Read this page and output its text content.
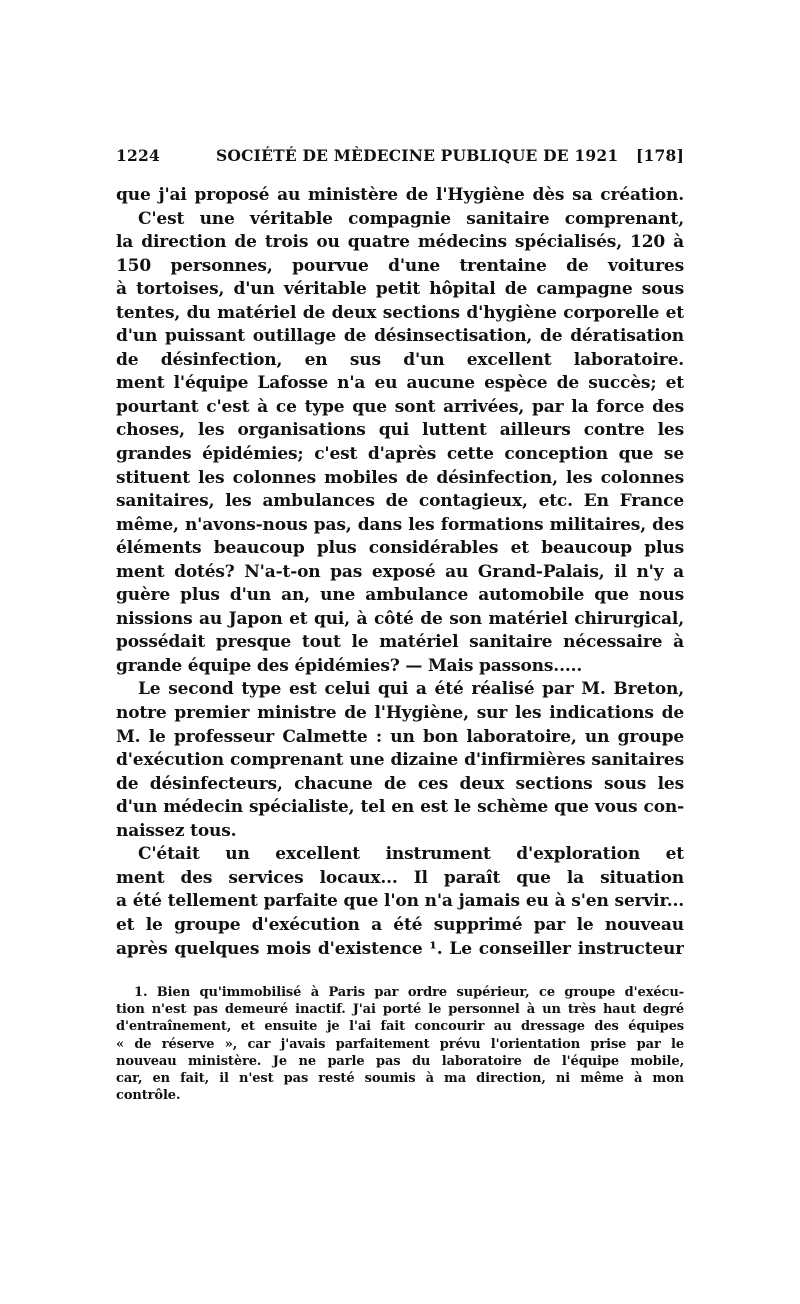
1224	SOCIÉTÉ DE MÈDECINE PUBLIQUE DE 1921 [178]
que j'ai proposé au ministère de l'Hygiène dès sa création.
C'est une véritable compagnie sanitaire comprenant,
la direction de trois ou quatre médecins spécialisés, 120 à
150 personnes, pourvue d'une trentaine de voitures
à tortoises, d'un véritable petit hôpital de campagne sous
tentes, du matériel de deux sections d'hygiène corporelle et
d'un puissant outillage de désinsectisation, de dératisation
de désinfection, en sus d'un excellent laboratoire.
ment l'équipe Lafosse n'a eu aucune espèce de succès; et
pourtant c'est à ce type que sont arrivées, par la force des
choses, les organisations qui luttent ailleurs contre les
grandes épidémies; c'est d'après cette conception que se
stituent les colonnes mobiles de désinfection, les colonnes
sanitaires, les ambulances de contagieux, etc. En France
même, n'avons-nous pas, dans les formations militaires, des
éléments beaucoup plus considérables et beaucoup plus
ment dotés? N'a-t-on pas exposé au Grand-Palais, il n'y a
guère plus d'un an, une ambulance automobile que nous
nissions au Japon et qui, à côté de son matériel chirurgical,
possédait presque tout le matériel sanitaire nécessaire à
grande équipe des épidémies? — Mais passons.....
Le second type est celui qui a été réalisé par M. Breton,
notre premier ministre de l'Hygiène, sur les indications de
M. le professeur Calmette : un bon laboratoire, un groupe
d'exécution comprenant une dizaine d'infirmières sanitaires
de désinfecteurs, chacune de ces deux sections sous les
d'un médecin spécialiste, tel en est le schème que vous con-
naissez tous.
C'était un excellent instrument d'exploration et
ment des services locaux... Il paraît que la situation
a été tellement parfaite que l'on n'a jamais eu à s'en servir...
et le groupe d'exécution a été supprimé par le nouveau
après quelques mois d'existence ¹. Le conseiller instructeur
1. Bien qu'immobilisé à Paris par ordre supérieur, ce groupe d'exécu-
tion n'est pas demeuré inactif. J'ai porté le personnel à un très haut degré
d'entraînement, et ensuite je l'ai fait concourir au dressage des équipes
« de réserve », car j'avais parfaitement prévu l'orientation prise par le
nouveau ministère. Je ne parle pas du laboratoire de l'équipe mobile,
car, en fait, il n'est pas resté soumis à ma direction, ni même à mon
contrôle.
